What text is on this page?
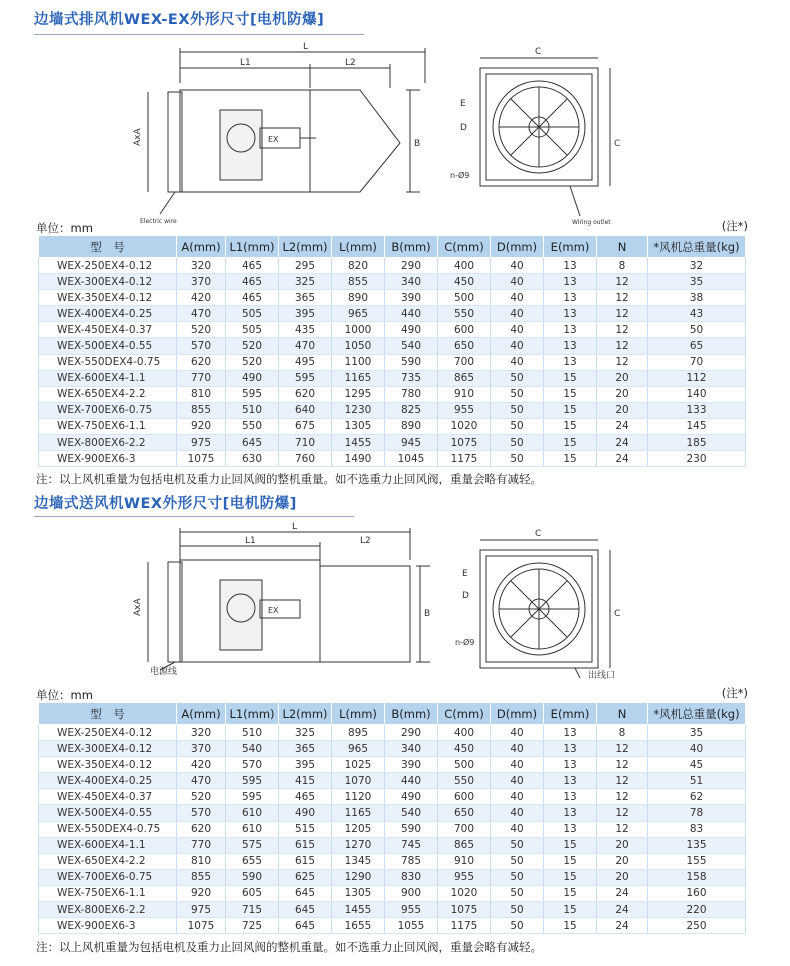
边墙式排风机WEX-EX外形尺寸[电机防爆]
L
L1	L2
AxA	B
EX
C
C
E
D
n-Ø9
Electric wire	Wiring outlet
单位：mm	(注*)
型　号	A(mm)	L1(mm)	L2(mm)	L(mm)	B(mm)	C(mm)	D(mm)	E(mm)	N	*风机总重量(kg)
WEX-250EX4-0.12	320	465	295	820	290	400	40	13	8	32
WEX-300EX4-0.12	370	465	325	855	340	450	40	13	12	35
WEX-350EX4-0.12	420	465	365	890	390	500	40	13	12	38
WEX-400EX4-0.25	470	505	395	965	440	550	40	13	12	43
WEX-450EX4-0.37	520	505	435	1000	490	600	40	13	12	50
WEX-500EX4-0.55	570	520	470	1050	540	650	40	13	12	65
WEX-550DEX4-0.75	620	520	495	1100	590	700	40	13	12	70
WEX-600EX4-1.1	770	490	595	1165	735	865	50	15	20	112
WEX-650EX4-2.2	810	595	620	1295	780	910	50	15	20	140
WEX-700EX6-0.75	855	510	640	1230	825	955	50	15	20	133
WEX-750EX6-1.1	920	550	675	1305	890	1020	50	15	24	145
WEX-800EX6-2.2	975	645	710	1455	945	1075	50	15	24	185
WEX-900EX6-3	1075	630	760	1490	1045	1175	50	15	24	230
注：以上风机重量为包括电机及重力止回风阀的整机重量。如不选重力止回风阀，重量会略有减轻。
边墙式送风机WEX外形尺寸[电机防爆]
L
L1	L2
AxA	B
EX
C
C
E
D
n-Ø9
电源线	出线口
单位：mm	(注*)
型　号	A(mm)	L1(mm)	L2(mm)	L(mm)	B(mm)	C(mm)	D(mm)	E(mm)	N	*风机总重量(kg)
WEX-250EX4-0.12	320	510	325	895	290	400	40	13	8	35
WEX-300EX4-0.12	370	540	365	965	340	450	40	13	12	40
WEX-350EX4-0.12	420	570	395	1025	390	500	40	13	12	45
WEX-400EX4-0.25	470	595	415	1070	440	550	40	13	12	51
WEX-450EX4-0.37	520	595	465	1120	490	600	40	13	12	62
WEX-500EX4-0.55	570	610	490	1165	540	650	40	13	12	78
WEX-550DEX4-0.75	620	610	515	1205	590	700	40	13	12	83
WEX-600EX4-1.1	770	575	615	1270	745	865	50	15	20	135
WEX-650EX4-2.2	810	655	615	1345	785	910	50	15	20	155
WEX-700EX6-0.75	855	590	625	1290	830	955	50	15	20	158
WEX-750EX6-1.1	920	605	645	1305	900	1020	50	15	24	160
WEX-800EX6-2.2	975	715	645	1455	955	1075	50	15	24	220
WEX-900EX6-3	1075	725	645	1655	1055	1175	50	15	24	250
注：以上风机重量为包括电机及重力止回风阀的整机重量。如不选重力止回风阀，重量会略有减轻。
